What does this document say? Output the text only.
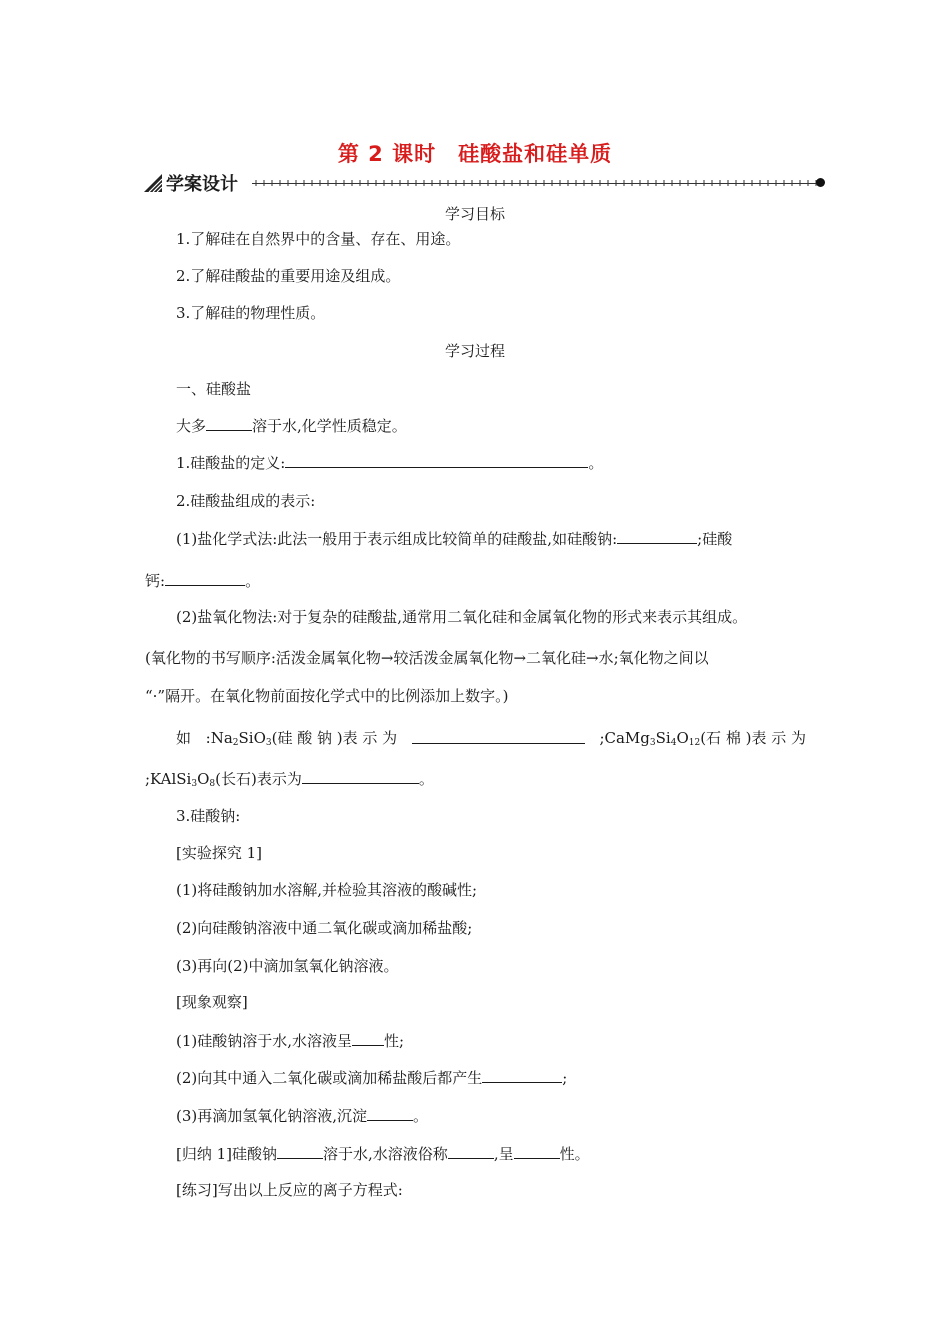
第 2 课时　硅酸盐和硅单质
学案设计
学习目标
1.了解硅在自然界中的含量、存在、用途。
2.了解硅酸盐的重要用途及组成。
3.了解硅的物理性质。
学习过程
一、硅酸盐
大多	溶于水,化学性质稳定。
1.硅酸盐的定义:	。
2.硅酸盐组成的表示:
(1)盐化学式法:此法一般用于表示组成比较简单的硅酸盐,如硅酸钠:	;硅酸
钙:	。
(2)盐氧化物法:对于复杂的硅酸盐,通常用二氧化硅和金属氧化物的形式来表示其组成。
(氧化物的书写顺序:活泼金属氧化物→较活泼金属氧化物→二氧化硅→水;氧化物之间以
“·”隔开。在氧化物前面按化学式中的比例添加上数字。)
如 $:Na_2SiO_3$(硅 酸 钠 )表 示 为	$;CaMg_3Si_4O_{12}$(石 棉 )表 示 为
$;KAlSi_3O_8$(长石)表示为	。
3.硅酸钠:
[实验探究 1]
(1)将硅酸钠加水溶解,并检验其溶液的酸碱性;
(2)向硅酸钠溶液中通二氧化碳或滴加稀盐酸;
(3)再向(2)中滴加氢氧化钠溶液。
[现象观察]
(1)硅酸钠溶于水,水溶液呈 性;
(2)向其中通入二氧化碳或滴加稀盐酸后都产生	;
(3)再滴加氢氧化钠溶液,沉淀	。
[归纳 1]硅酸钠	溶于水,水溶液俗称	,呈	性。
[练习]写出以上反应的离子方程式:
